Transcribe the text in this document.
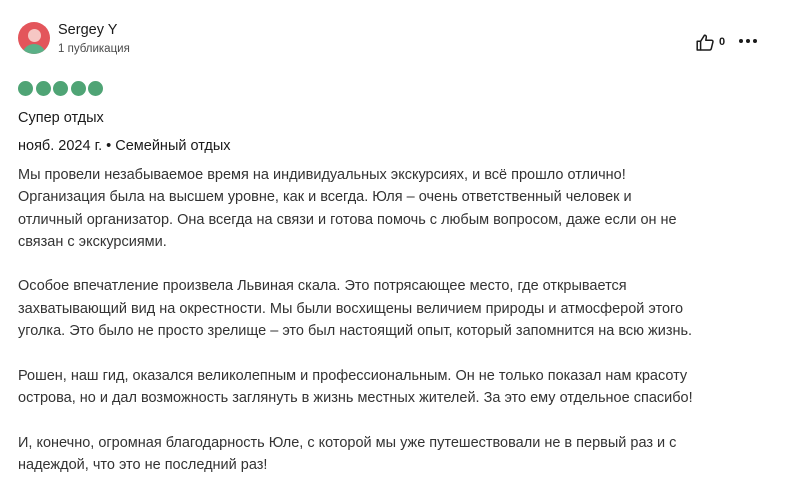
Sergey Y
1 публикация
0
Супер отдых
нояб. 2024 г. • Семейный отдых
Мы провели незабываемое время на индивидуальных экскурсиях, и всё прошло отлично!
Организация была на высшем уровне, как и всегда. Юля – очень ответственный человек и
отличный организатор. Она всегда на связи и готова помочь с любым вопросом, даже если он не
связан с экскурсиями.
Особое впечатление произвела Львиная скала. Это потрясающее место, где открывается
захватывающий вид на окрестности. Мы были восхищены величием природы и атмосферой этого
уголка. Это было не просто зрелище – это был настоящий опыт, который запомнится на всю жизнь.
Рошен, наш гид, оказался великолепным и профессиональным. Он не только показал нам красоту
острова, но и дал возможность заглянуть в жизнь местных жителей. За это ему отдельное спасибо!
И, конечно, огромная благодарность Юле, с которой мы уже путешествовали не в первый раз и с
надеждой, что это не последний раз!
